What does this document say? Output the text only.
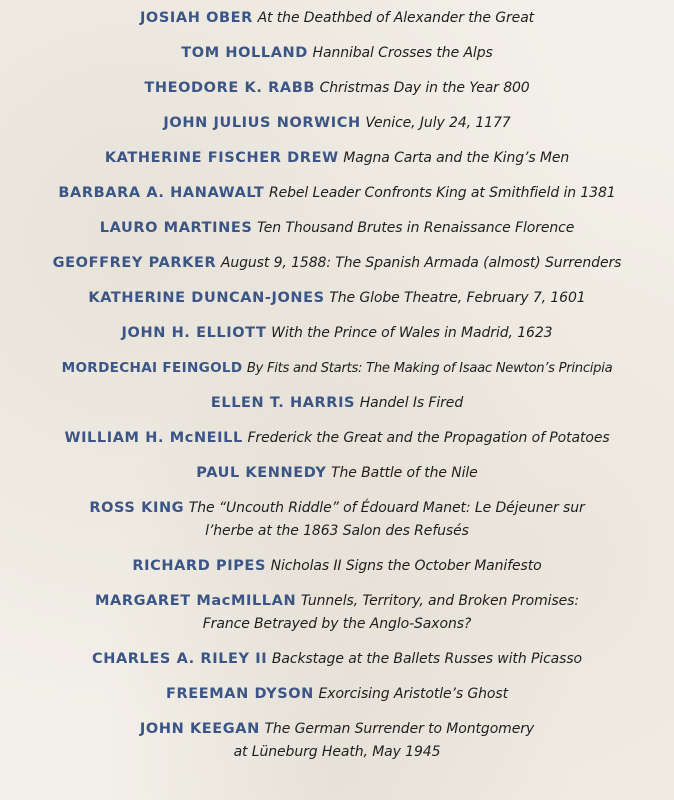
JOSIAH OBER At the Deathbed of Alexander the Great

TOM HOLLAND Hannibal Crosses the Alps

THEODORE K. RABB Christmas Day in the Year 800

JOHN JULIUS NORWICH Venice, July 24, 1177

KATHERINE FISCHER DREW Magna Carta and the King’s Men

BARBARA A. HANAWALT Rebel Leader Confronts King at Smithfield in 1381

LAURO MARTINES Ten Thousand Brutes in Renaissance Florence

GEOFFREY PARKER August 9, 1588: The Spanish Armada (almost) Surrenders

KATHERINE DUNCAN-JONES The Globe Theatre, February 7, 1601

JOHN H. ELLIOTT With the Prince of Wales in Madrid, 1623

MORDECHAI FEINGOLD By Fits and Starts: The Making of Isaac Newton’s Principia

ELLEN T. HARRIS Handel Is Fired

WILLIAM H. McNEILL Frederick the Great and the Propagation of Potatoes

PAUL KENNEDY The Battle of the Nile

ROSS KING The “Uncouth Riddle” of Édouard Manet: Le Déjeuner sur
l’herbe at the 1863 Salon des Refusés

RICHARD PIPES Nicholas II Signs the October Manifesto

MARGARET MacMILLAN Tunnels, Territory, and Broken Promises:
France Betrayed by the Anglo-Saxons?

CHARLES A. RILEY II Backstage at the Ballets Russes with Picasso

FREEMAN DYSON Exorcising Aristotle’s Ghost

JOHN KEEGAN The German Surrender to Montgomery
at Lüneburg Heath, May 1945
